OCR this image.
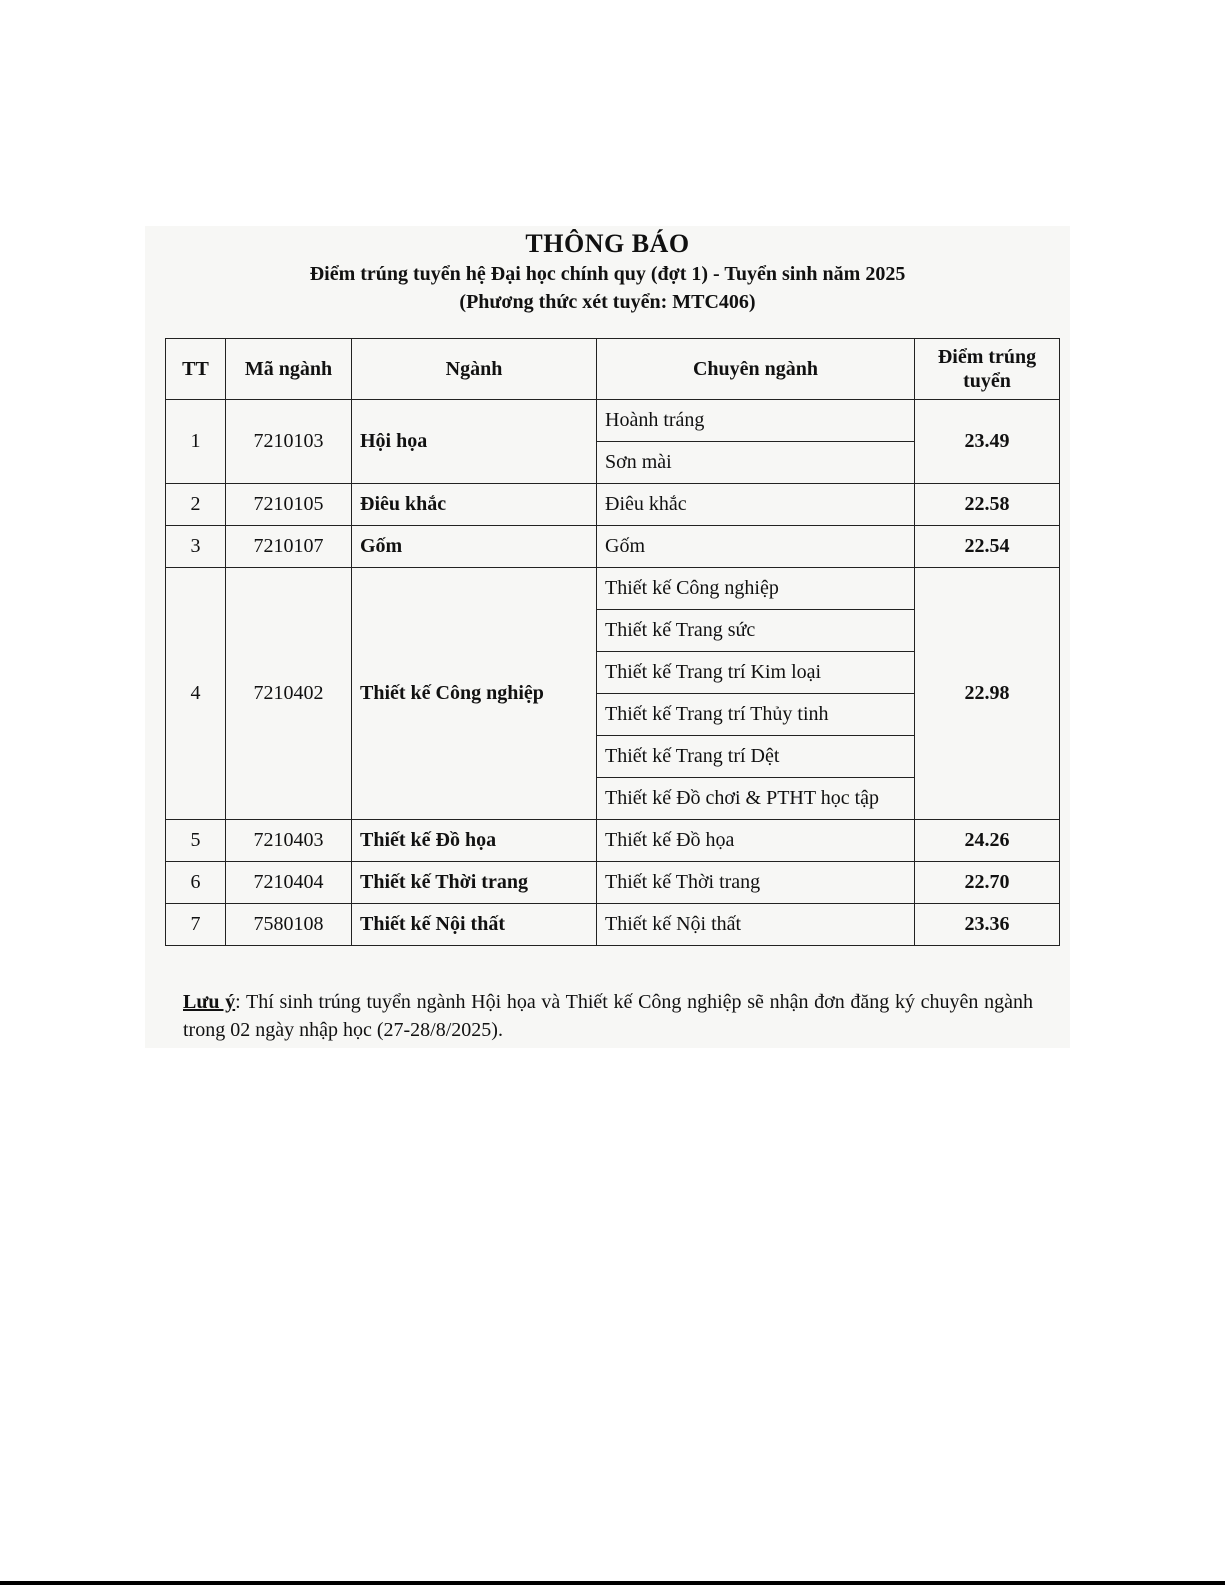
THÔNG BÁO
Điểm trúng tuyển hệ Đại học chính quy (đợt 1) - Tuyển sinh năm 2025
(Phương thức xét tuyển: MTC406)
TT	Mã ngành	Ngành	Chuyên ngành	Điểm trúng tuyển
1	7210103	Hội họa	Hoành tráng	23.49
			Sơn mài	
2	7210105	Điêu khắc	Điêu khắc	22.58
3	7210107	Gốm	Gốm	22.54
4	7210402	Thiết kế Công nghiệp	Thiết kế Công nghiệp	22.98
			Thiết kế Trang sức	
			Thiết kế Trang trí Kim loại	
			Thiết kế Trang trí Thủy tinh	
			Thiết kế Trang trí Dệt	
			Thiết kế Đồ chơi & PTHT học tập	
5	7210403	Thiết kế Đồ họa	Thiết kế Đồ họa	24.26
6	7210404	Thiết kế Thời trang	Thiết kế Thời trang	22.70
7	7580108	Thiết kế Nội thất	Thiết kế Nội thất	23.36
Lưu ý: Thí sinh trúng tuyển ngành Hội họa và Thiết kế Công nghiệp sẽ nhận đơn đăng ký chuyên ngành trong 02 ngày nhập học (27-28/8/2025).
